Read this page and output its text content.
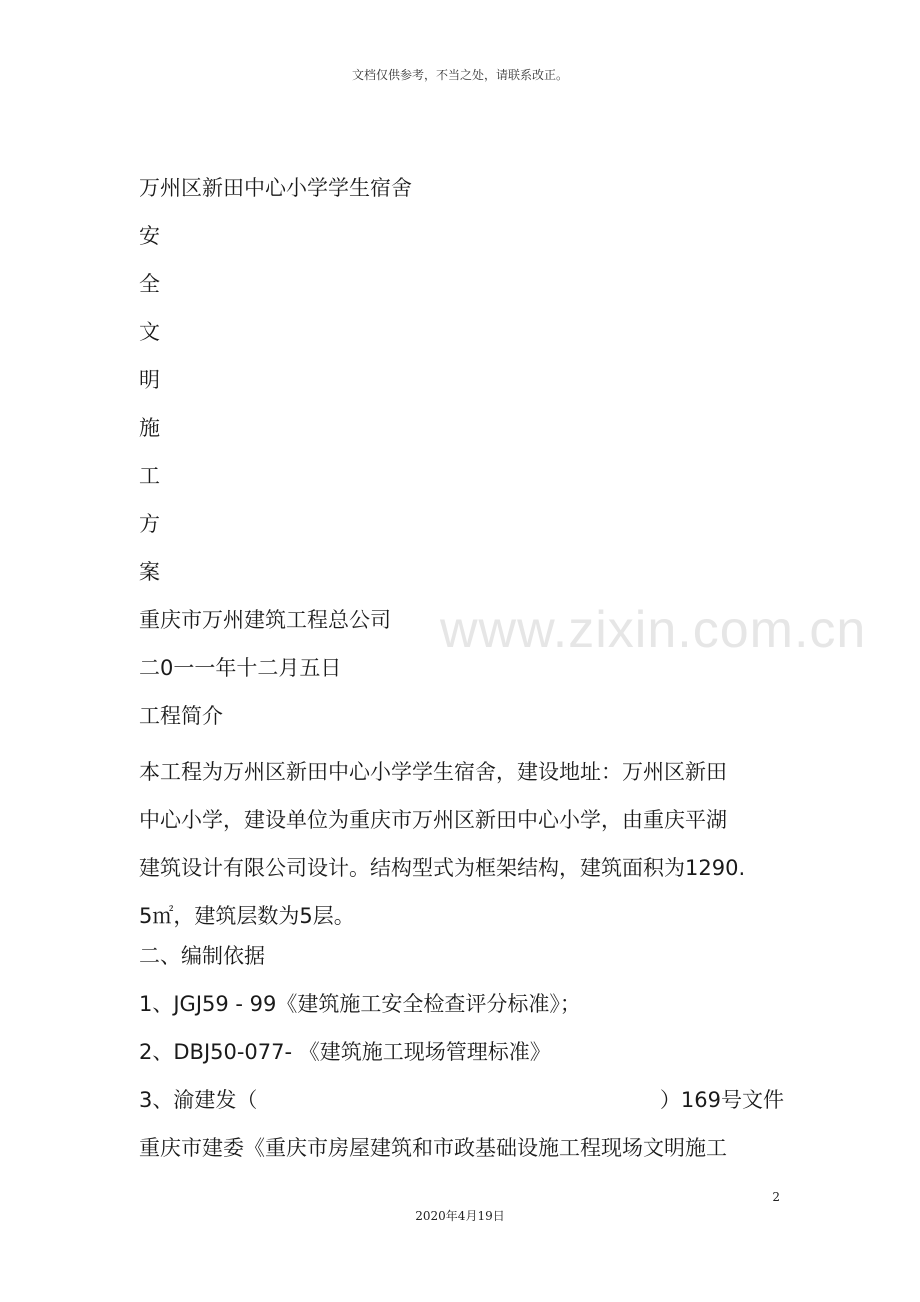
文档仅供参考，不当之处，请联系改正。
www.zixin.com.cn
万州区新田中心小学学生宿舍
安
全
文
明
施
工
方
案
重庆市万州建筑工程总公司
二0一一年十二月五日
工程简介
本工程为万州区新田中心小学学生宿舍，建设地址：万州区新田
中心小学，建设单位为重庆市万州区新田中心小学，由重庆平湖
建筑设计有限公司设计。结构型式为框架结构，建筑面积为1290.
5㎡，建筑层数为5层。
二、编制依据
1、JGJ59 - 99《建筑施工安全检查评分标准》；
2、DBJ50-077- 《建筑施工现场管理标准》
3、渝建发（	）169号文件
重庆市建委《重庆市房屋建筑和市政基础设施工程现场文明施工
2
2020年4月19日
